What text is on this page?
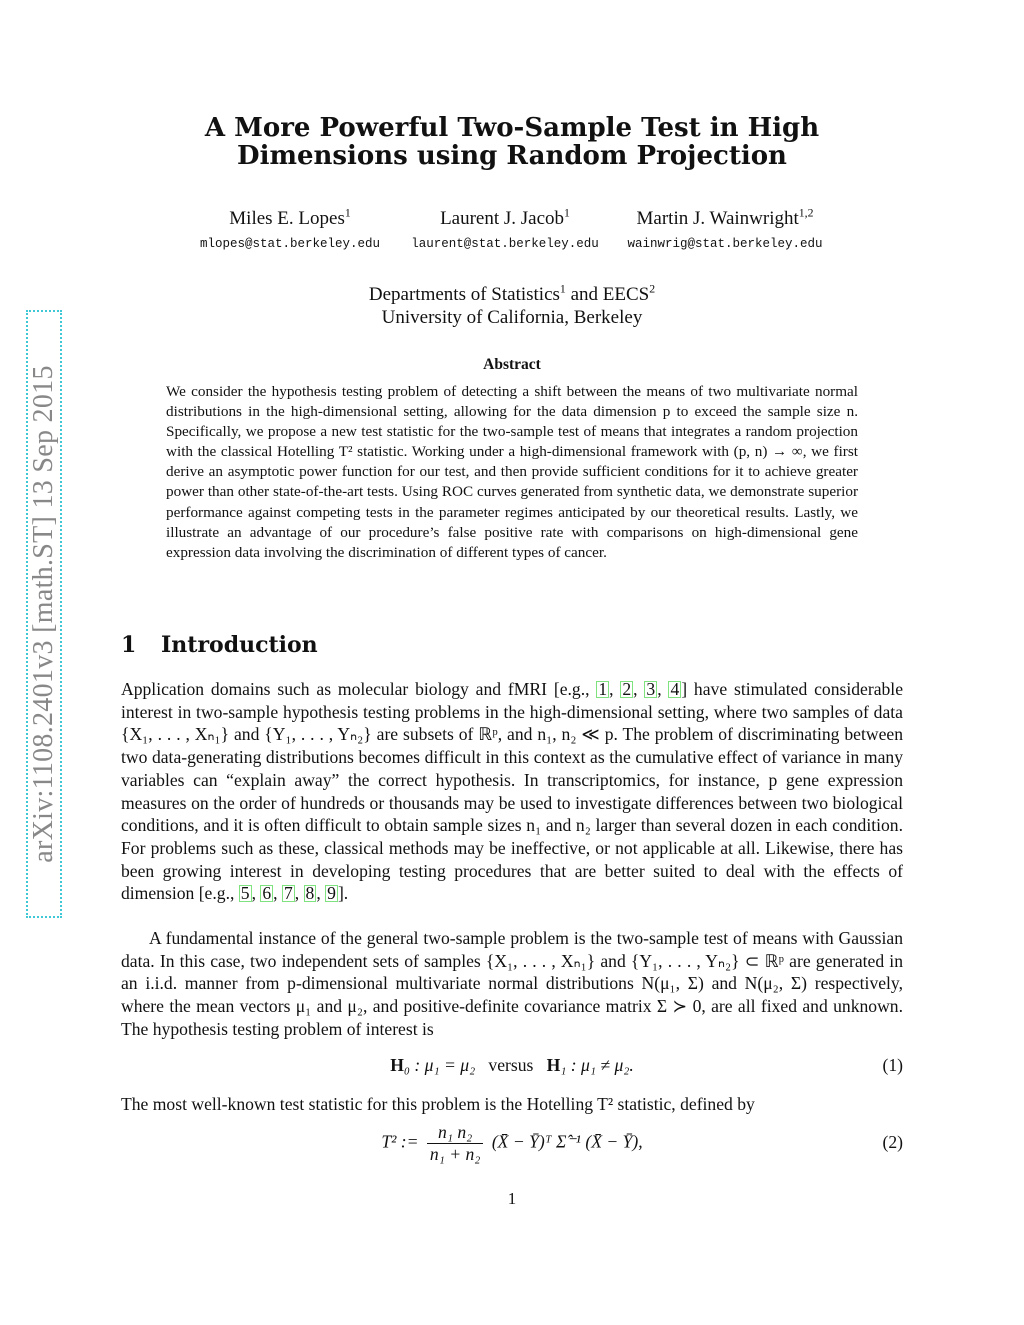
arXiv:1108.2401v3 [math.ST] 13 Sep 2015
A More Powerful Two-Sample Test in High
Dimensions using Random Projection
Miles E. Lopes$^1$
mlopes@stat.berkeley.edu
Laurent J. Jacob$^1$
laurent@stat.berkeley.edu
Martin J. Wainwright$^{1,2}$
wainwrig@stat.berkeley.edu
Departments of Statistics$^1$ and EECS$^2$
University of California, Berkeley
Abstract

We consider the hypothesis testing problem of detecting a shift between the means of two multivariate normal distributions in the high-dimensional setting, allowing for the data dimension p to exceed the sample size n. Specifically, we propose a new test statistic for the two-sample test of means that integrates a random projection with the classical Hotelling T² statistic. Working under a high-dimensional framework with (p, n) → ∞, we first derive an asymptotic power function for our test, and then provide sufficient conditions for it to achieve greater power than other state-of-the-art tests. Using ROC curves generated from synthetic data, we demonstrate superior performance against competing tests in the parameter regimes anticipated by our theoretical results. Lastly, we illustrate an advantage of our procedure’s false positive rate with comparisons on high-dimensional gene expression data involving the discrimination of different types of cancer.

1 Introduction

Application domains such as molecular biology and fMRI [e.g., 1 , 2 , 3 , 4 ] have stimulated considerable interest in two-sample hypothesis testing problems in the high-dimensional setting, where two samples of data {X₁, . . . , Xₙ₁} and {Y₁, . . . , Yₙ₂} are subsets of ℝᵖ, and n₁, n₂ ≪ p. The problem of discriminating between two data-generating distributions becomes difficult in this context as the cumulative effect of variance in many variables can “explain away” the correct hypothesis. In transcriptomics, for instance, p gene expression measures on the order of hundreds or thousands may be used to investigate differences between two biological conditions, and it is often difficult to obtain sample sizes n₁ and n₂ larger than several dozen in each condition. For problems such as these, classical methods may be ineffective, or not applicable at all. Likewise, there has been growing interest in developing testing procedures that are better suited to deal with the effects of dimension [e.g., 5 , 6 , 7 , 8 , 9 ].

A fundamental instance of the general two-sample problem is the two-sample test of means with Gaussian data. In this case, two independent sets of samples {X₁, . . . , Xₙ₁} and {Y₁, . . . , Yₙ₂} ⊂ ℝᵖ are generated in an i.i.d. manner from p-dimensional multivariate normal distributions N(μ₁, Σ) and N(μ₂, Σ) respectively, where the mean vectors μ₁ and μ₂, and positive-definite covariance matrix Σ ≻ 0, are all fixed and unknown. The hypothesis testing problem of interest is

H₀ : μ₁ = μ₂ versus H₁ : μ₁ ≠ μ₂.	(1)

The most well-known test statistic for this problem is the Hotelling T² statistic, defined by

T² := $\frac{\text{n₁ n₂}}{\text{n₁ + n₂}}$ (X̄ − Ȳ)ᵀ Σ̂⁻¹ (X̄ − Ȳ),	(2)
1
